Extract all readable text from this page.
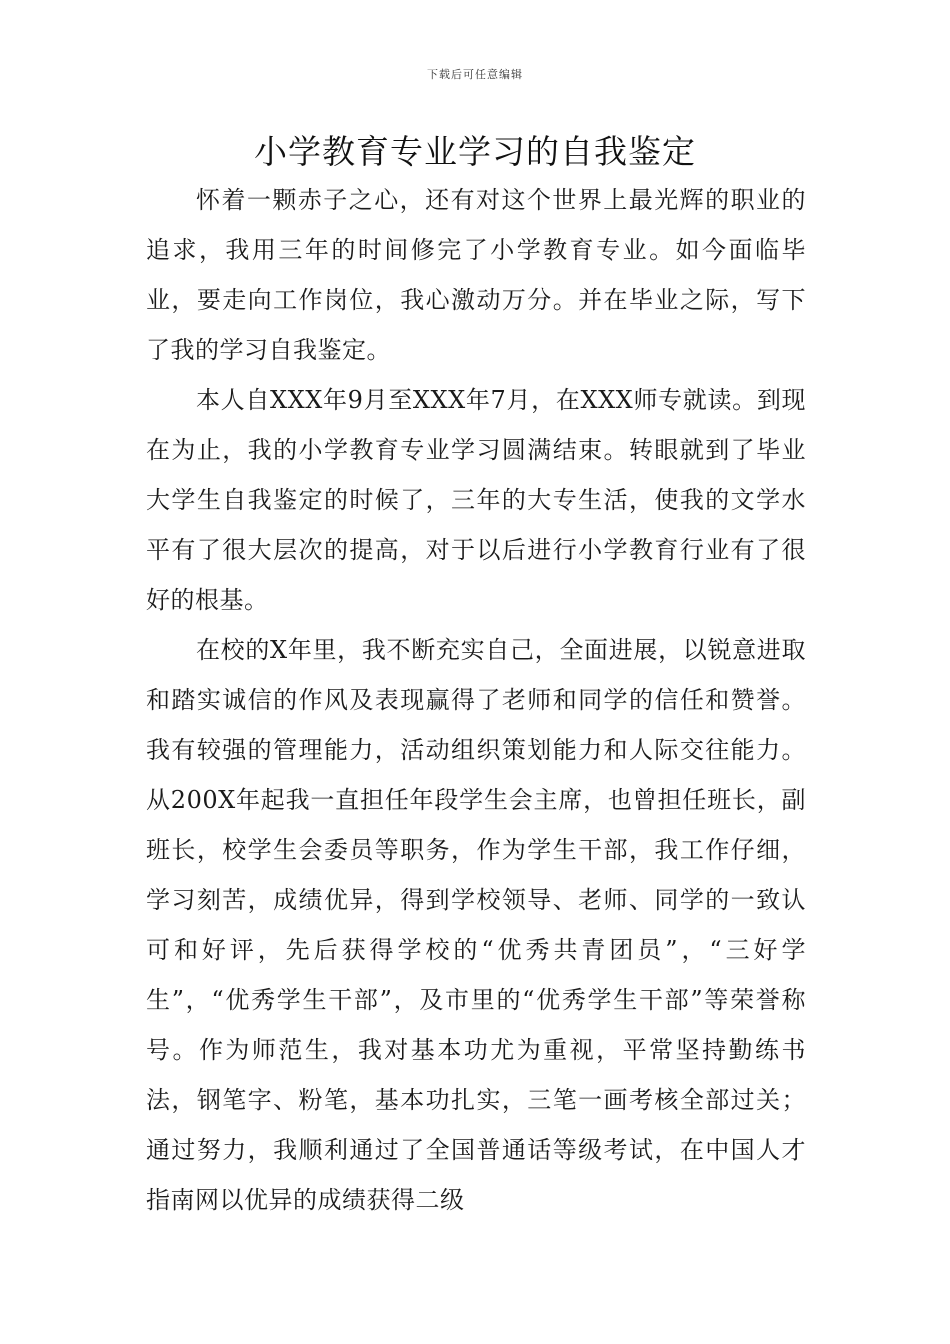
下载后可任意编辑
小学教育专业学习的自我鉴定

怀着一颗赤子之心，还有对这个世界上最光辉的职业的追求，我用三年的时间修完了小学教育专业。如今面临毕业，要走向工作岗位，我心激动万分。并在毕业之际，写下了我的学习自我鉴定。

本人自XXX年9月至XXX年7月，在XXX师专就读。到现在为止，我的小学教育专业学习圆满结束。转眼就到了毕业大学生自我鉴定的时候了，三年的大专生活，使我的文学水平有了很大层次的提高，对于以后进行小学教育行业有了很好的根基。

在校的X年里，我不断充实自己，全面进展，以锐意进取和踏实诚信的作风及表现赢得了老师和同学的信任和赞誉。我有较强的管理能力，活动组织策划能力和人际交往能力。从200X年起我一直担任年段学生会主席，也曾担任班长，副班长，校学生会委员等职务，作为学生干部，我工作仔细，学习刻苦，成绩优异，得到学校领导、老师、同学的一致认可和好评，先后获得学校的“优秀共青团员”，“三好学生”，“优秀学生干部”，及市里的“优秀学生干部”等荣誉称号。作为师范生，我对基本功尤为重视，平常坚持勤练书法，钢笔字、粉笔，基本功扎实，三笔一画考核全部过关；通过努力，我顺利通过了全国普通话等级考试，在中国人才指南网以优异的成绩获得二级
